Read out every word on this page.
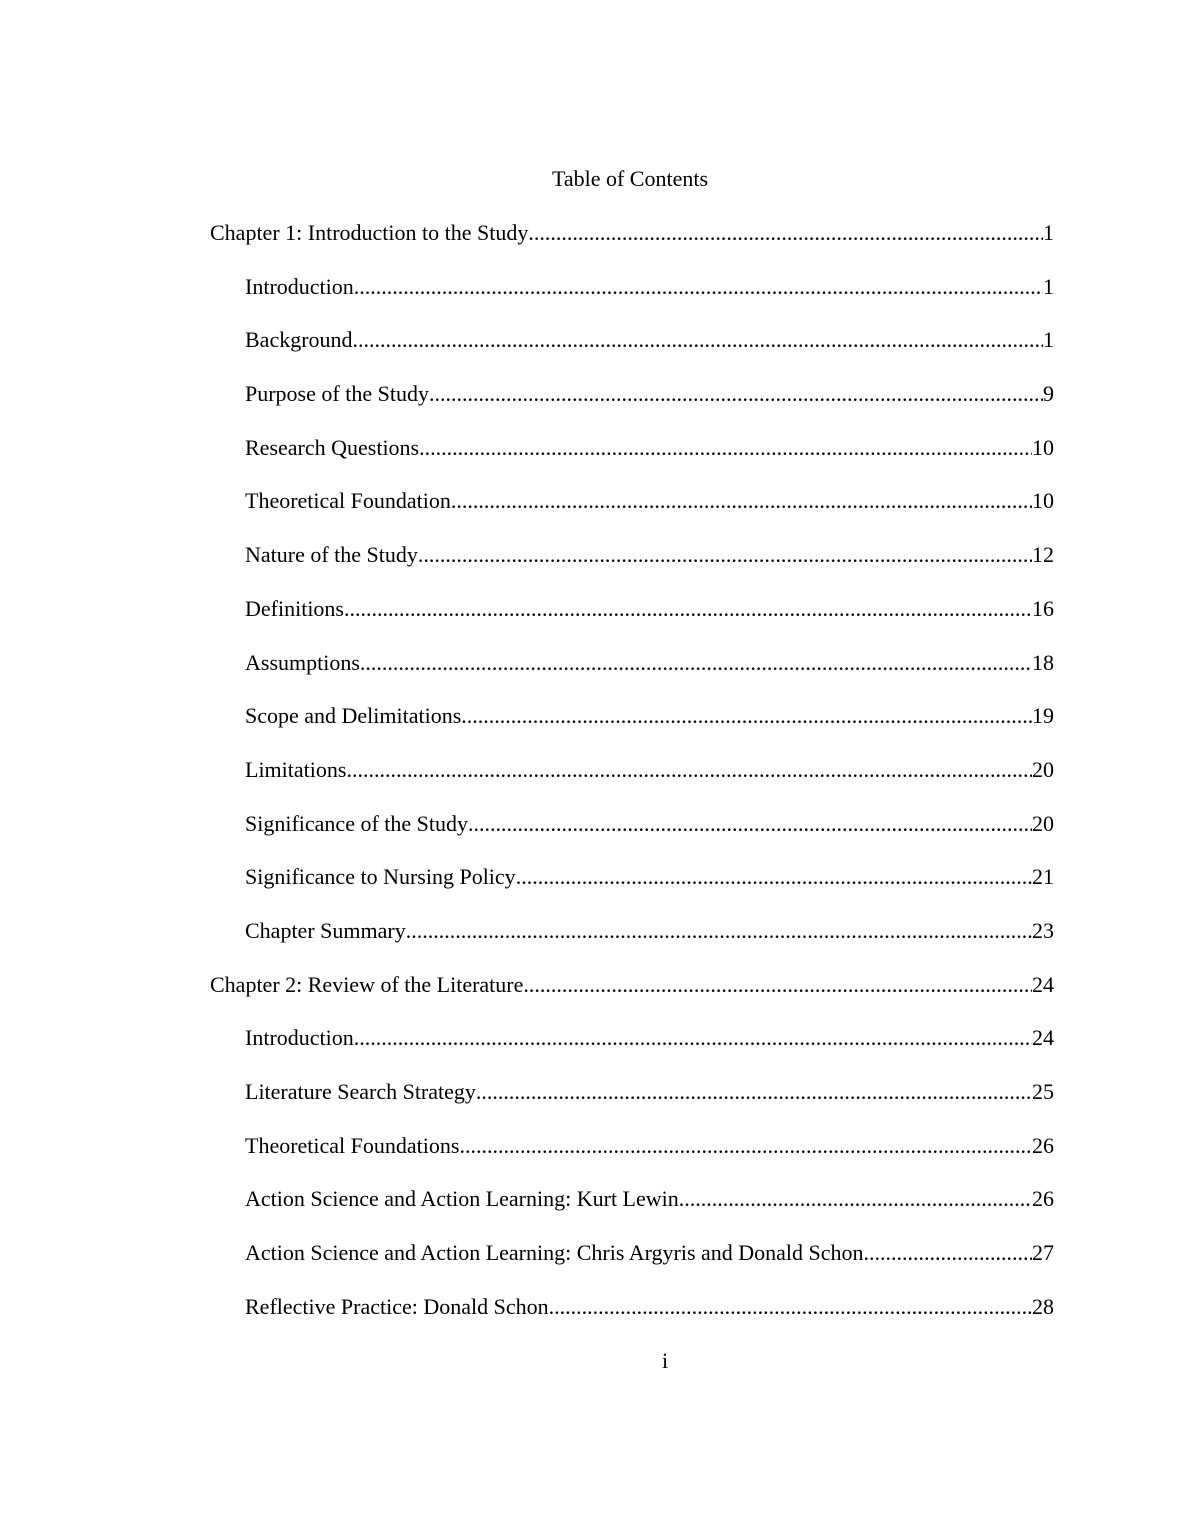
Table of Contents
Chapter 1: Introduction to the Study .....	1
Introduction .....	1
Background .....	1
Purpose of the Study .....	9
Research Questions .....	10
Theoretical Foundation .....	10
Nature of the Study .....	12
Definitions .....	16
Assumptions .....	18
Scope and Delimitations .....	19
Limitations .....	20
Significance of the Study .....	20
Significance to Nursing Policy .....	21
Chapter Summary .....	23
Chapter 2: Review of the Literature .....	24
Introduction .....	24
Literature Search Strategy .....	25
Theoretical Foundations .....	26
Action Science and Action Learning: Kurt Lewin .....	26
Action Science and Action Learning: Chris Argyris and Donald Schon .....	27
Reflective Practice: Donald Schon .....	28
i
